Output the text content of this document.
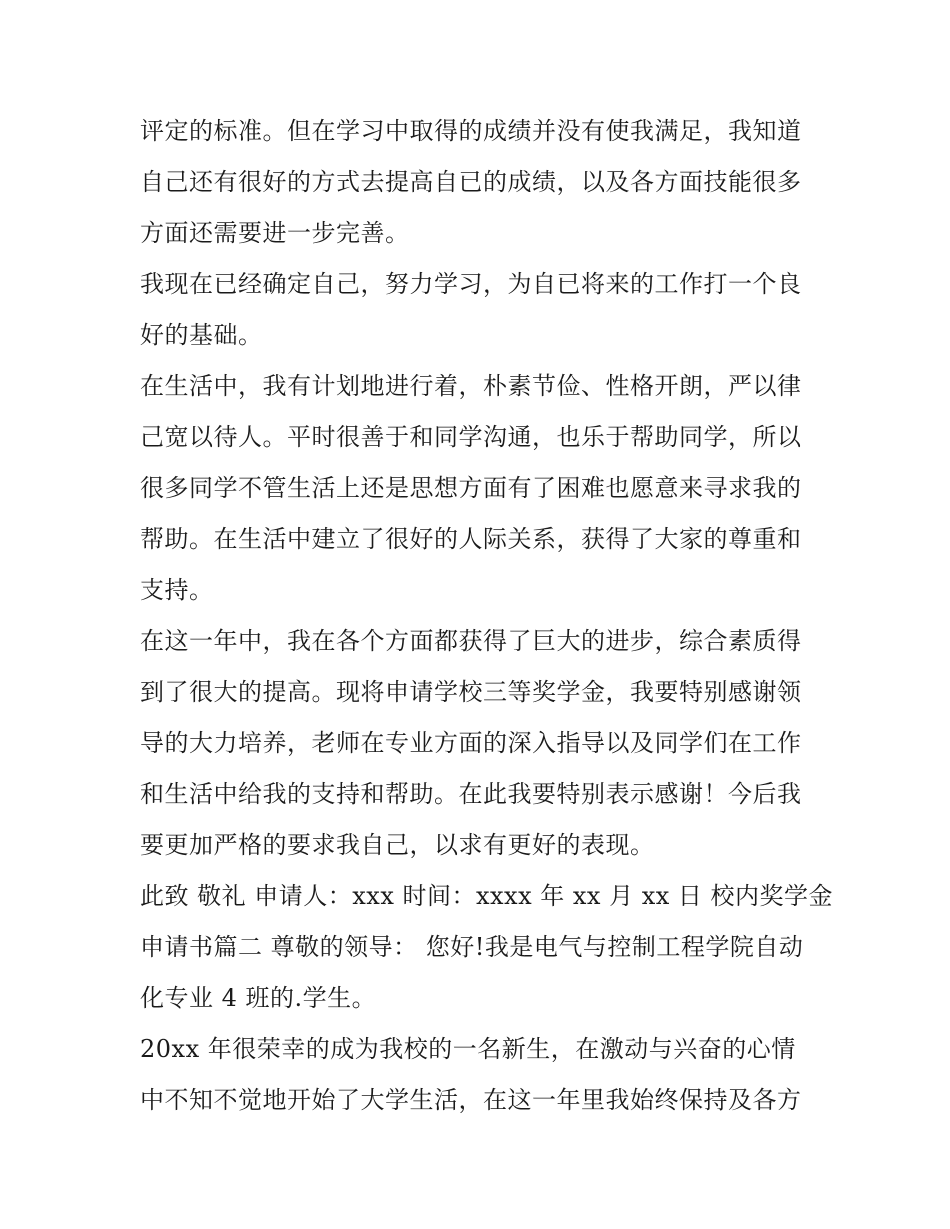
评定的标准。但在学习中取得的成绩并没有使我满足，我知道
自己还有很好的方式去提高自已的成绩，以及各方面技能很多
方面还需要进一步完善。
我现在已经确定自己，努力学习，为自已将来的工作打一个良
好的基础。
在生活中，我有计划地进行着，朴素节俭、性格开朗，严以律
己宽以待人。平时很善于和同学沟通，也乐于帮助同学，所以
很多同学不管生活上还是思想方面有了困难也愿意来寻求我的
帮助。在生活中建立了很好的人际关系，获得了大家的尊重和
支持。
在这一年中，我在各个方面都获得了巨大的进步，综合素质得
到了很大的提高。现将申请学校三等奖学金，我要特别感谢领
导的大力培养，老师在专业方面的深入指导以及同学们在工作
和生活中给我的支持和帮助。在此我要特别表示感谢！今后我
要更加严格的要求我自己，以求有更好的表现。
此致 敬礼 申请人：xxx 时间：xxxx 年 xx 月 xx 日 校内奖学金
申请书篇二 尊敬的领导： 您好!我是电气与控制工程学院自动
化专业 4 班的.学生。
20xx 年很荣幸的成为我校的一名新生，在激动与兴奋的心情
中不知不觉地开始了大学生活，在这一年里我始终保持及各方
